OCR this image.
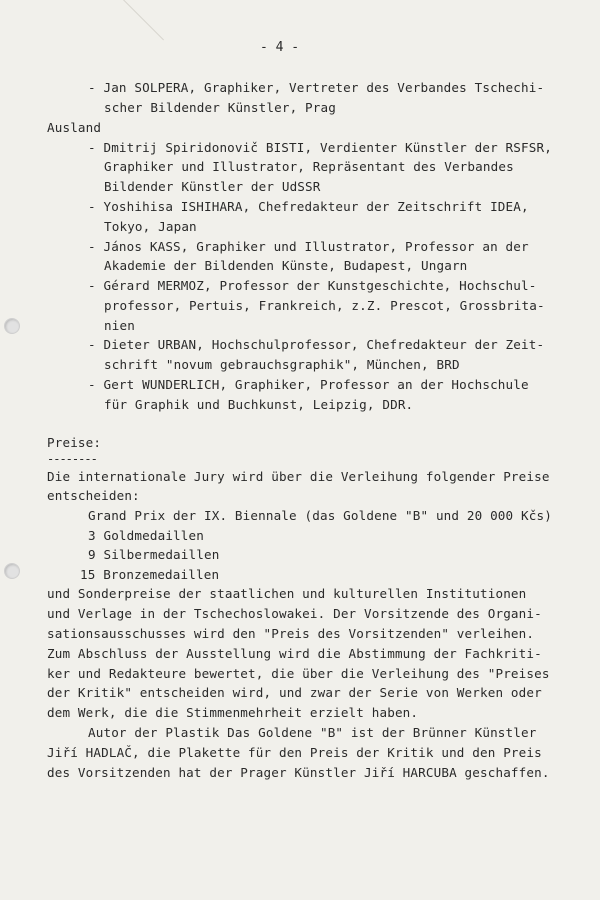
- 4 -
- Jan SOLPERA, Graphiker, Vertreter des Verbandes Tschechi-
scher Bildender Künstler, Prag
Ausland
- Dmitrij Spiridonovič BISTI, Verdienter Künstler der RSFSR,
Graphiker und Illustrator, Repräsentant des Verbandes
Bildender Künstler der UdSSR
- Yoshihisa ISHIHARA, Chefredakteur der Zeitschrift IDEA,
Tokyo, Japan
- János KASS, Graphiker und Illustrator, Professor an der
Akademie der Bildenden Künste, Budapest, Ungarn
- Gérard MERMOZ, Professor der Kunstgeschichte, Hochschul-
professor, Pertuis, Frankreich, z.Z. Prescot, Grossbrita-
nien
- Dieter URBAN, Hochschulprofessor, Chefredakteur der Zeit-
schrift "novum gebrauchsgraphik", München, BRD
- Gert WUNDERLICH, Graphiker, Professor an der Hochschule
für Graphik und Buchkunst, Leipzig, DDR.
Preise:
--------
Die internationale Jury wird über die Verleihung folgender Preise
entscheiden:
Grand Prix der IX. Biennale (das Goldene "B" und 20 000 Kčs)
3 Goldmedaillen
9 Silbermedaillen
15 Bronzemedaillen
und Sonderpreise der staatlichen und kulturellen Institutionen
und Verlage in der Tschechoslowakei. Der Vorsitzende des Organi-
sationsausschusses wird den "Preis des Vorsitzenden" verleihen.
Zum Abschluss der Ausstellung wird die Abstimmung der Fachkriti-
ker und Redakteure bewertet, die über die Verleihung des "Preises
der Kritik" entscheiden wird, und zwar der Serie von Werken oder
dem Werk, die die Stimmenmehrheit erzielt haben.
Autor der Plastik Das Goldene "B" ist der Brünner Künstler
Jiří HADLAČ, die Plakette für den Preis der Kritik und den Preis
des Vorsitzenden hat der Prager Künstler Jiří HARCUBA geschaffen.
